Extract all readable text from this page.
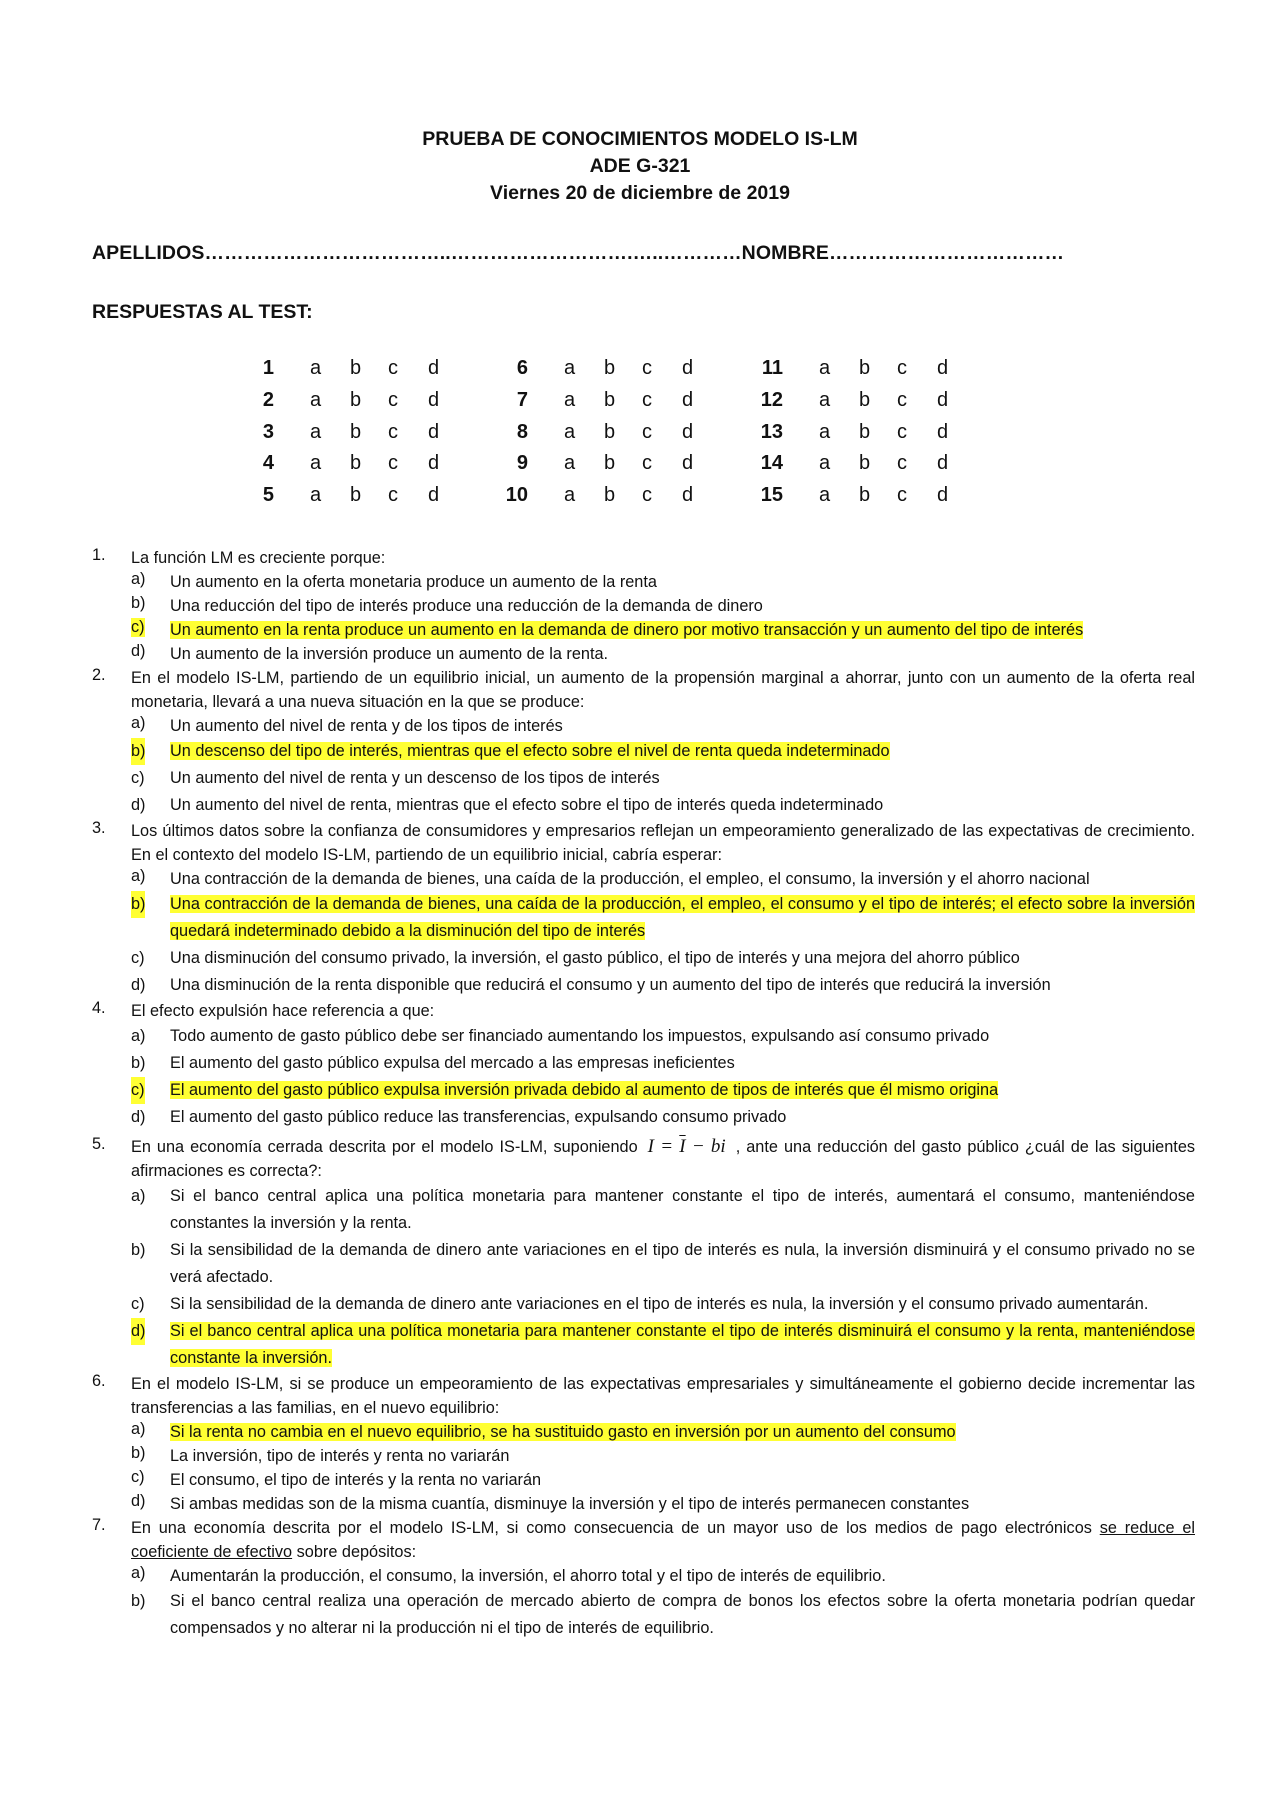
PRUEBA DE CONOCIMIENTOS MODELO IS-LM
ADE G-321
Viernes 20 de diciembre de 2019
APELLIDOS………………………………..……………………….…..…………NOMBRE………………………………
RESPUESTAS AL TEST:
1 a b c d	6 a b c d	11 a b c d
2 a b c d	7 a b c d	12 a b c d
3 a b c d	8 a b c d	13 a b c d
4 a b c d	9 a b c d	14 a b c d
5 a b c d	10 a b c d	15 a b c d
1.	La función LM es creciente porque:
a) Un aumento en la oferta monetaria produce un aumento de la renta
b) Una reducción del tipo de interés produce una reducción de la demanda de dinero
c) Un aumento en la renta produce un aumento en la demanda de dinero por motivo transacción y un aumento del tipo de interés
d) Un aumento de la inversión produce un aumento de la renta.
2.	En el modelo IS-LM, partiendo de un equilibrio inicial, un aumento de la propensión marginal a ahorrar, junto con un aumento de la oferta real monetaria, llevará a una nueva situación en la que se produce:
a) Un aumento del nivel de renta y de los tipos de interés
b) Un descenso del tipo de interés, mientras que el efecto sobre el nivel de renta queda indeterminado
c) Un aumento del nivel de renta y un descenso de los tipos de interés
d) Un aumento del nivel de renta, mientras que el efecto sobre el tipo de interés queda indeterminado
3.	Los últimos datos sobre la confianza de consumidores y empresarios reflejan un empeoramiento generalizado de las expectativas de crecimiento. En el contexto del modelo IS-LM, partiendo de un equilibrio inicial, cabría esperar:
a) Una contracción de la demanda de bienes, una caída de la producción, el empleo, el consumo, la inversión y el ahorro nacional
b) Una contracción de la demanda de bienes, una caída de la producción, el empleo, el consumo y el tipo de interés; el efecto sobre la inversión quedará indeterminado debido a la disminución del tipo de interés
c) Una disminución del consumo privado, la inversión, el gasto público, el tipo de interés y una mejora del ahorro público
d) Una disminución de la renta disponible que reducirá el consumo y un aumento del tipo de interés que reducirá la inversión
4.	El efecto expulsión hace referencia a que:
a) Todo aumento de gasto público debe ser financiado aumentando los impuestos, expulsando así consumo privado
b) El aumento del gasto público expulsa del mercado a las empresas ineficientes
c) El aumento del gasto público expulsa inversión privada debido al aumento de tipos de interés que él mismo origina
d) El aumento del gasto público reduce las transferencias, expulsando consumo privado
5.	En una economía cerrada descrita por el modelo IS-LM, suponiendo $I = \overline{I}$ − bi , ante una reducción del gasto público ¿cuál de las siguientes afirmaciones es correcta?:
a) Si el banco central aplica una política monetaria para mantener constante el tipo de interés, aumentará el consumo, manteniéndose constantes la inversión y la renta.
b) Si la sensibilidad de la demanda de dinero ante variaciones en el tipo de interés es nula, la inversión disminuirá y el consumo privado no se verá afectado.
c) Si la sensibilidad de la demanda de dinero ante variaciones en el tipo de interés es nula, la inversión y el consumo privado aumentarán.
d) Si el banco central aplica una política monetaria para mantener constante el tipo de interés disminuirá el consumo y la renta, manteniéndose constante la inversión.
6.	En el modelo IS-LM, si se produce un empeoramiento de las expectativas empresariales y simultáneamente el gobierno decide incrementar las transferencias a las familias, en el nuevo equilibrio:
a) Si la renta no cambia en el nuevo equilibrio, se ha sustituido gasto en inversión por un aumento del consumo
b) La inversión, tipo de interés y renta no variarán
c) El consumo, el tipo de interés y la renta no variarán
d) Si ambas medidas son de la misma cuantía, disminuye la inversión y el tipo de interés permanecen constantes
7.	En una economía descrita por el modelo IS-LM, si como consecuencia de un mayor uso de los medios de pago electrónicos se reduce el coeficiente de efectivo sobre depósitos:
a) Aumentarán la producción, el consumo, la inversión, el ahorro total y el tipo de interés de equilibrio.
b) Si el banco central realiza una operación de mercado abierto de compra de bonos los efectos sobre la oferta monetaria podrían quedar compensados y no alterar ni la producción ni el tipo de interés de equilibrio.
